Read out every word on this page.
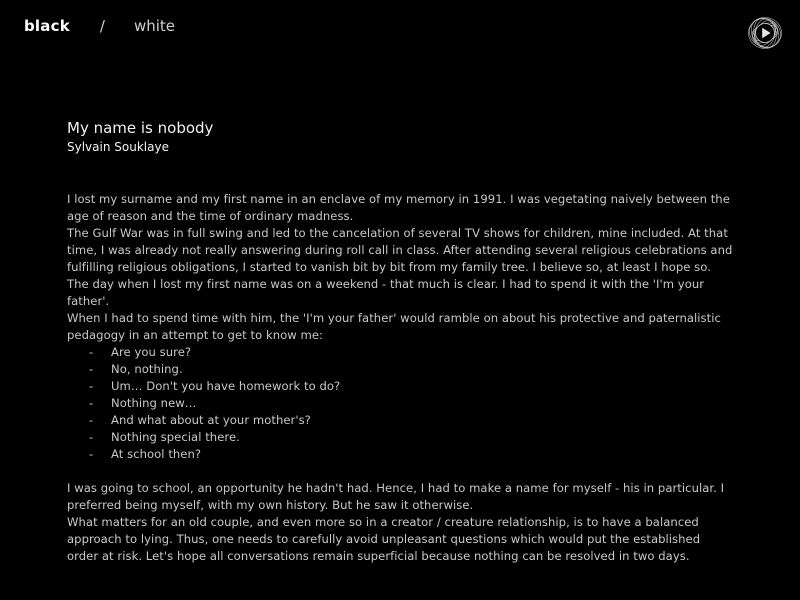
black / white
My name is nobody
Sylvain Souklaye

I lost my surname and my first name in an enclave of my memory in 1991. I was vegetating naively between the age of reason and the time of ordinary madness.

The Gulf War was in full swing and led to the cancelation of several TV shows for children, mine included. At that time, I was already not really answering during roll call in class. After attending several religious celebrations and fulfilling religious obligations, I started to vanish bit by bit from my family tree. I believe so, at least I hope so.

The day when I lost my first name was on a weekend - that much is clear. I had to spend it with the 'I'm your father'.

When I had to spend time with him, the 'I'm your father' would ramble on about his protective and paternalistic pedagogy in an attempt to get to know me:

- Are you sure?
- No, nothing.
- Um… Don't you have homework to do?
- Nothing new…
- And what about at your mother's?
- Nothing special there.
- At school then?

I was going to school, an opportunity he hadn't had. Hence, I had to make a name for myself - his in particular. I preferred being myself, with my own history. But he saw it otherwise.

What matters for an old couple, and even more so in a creator / creature relationship, is to have a balanced approach to lying. Thus, one needs to carefully avoid unpleasant questions which would put the established order at risk. Let's hope all conversations remain superficial because nothing can be resolved in two days.
